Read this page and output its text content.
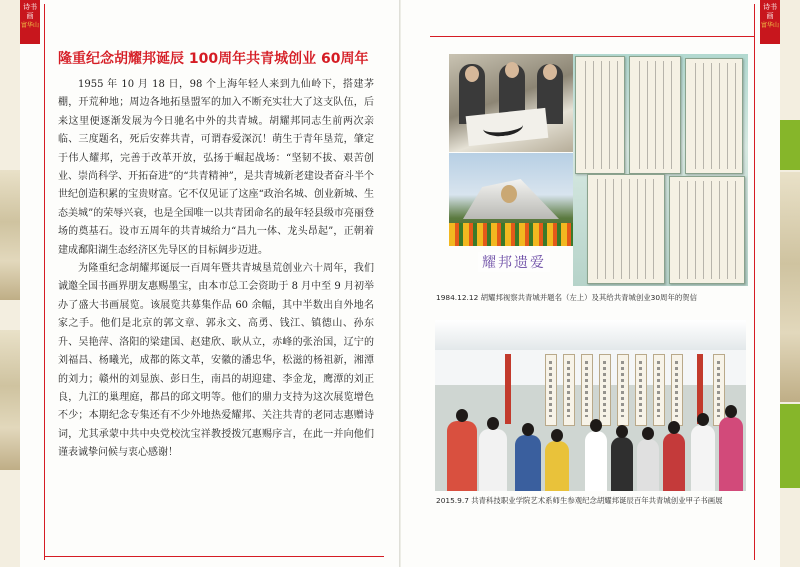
诗书画
富华山
隆重纪念胡耀邦诞辰 100周年共青城创业 60周年

1955 年 10 月 18 日，98 个上海年轻人来到九仙岭下，搭建茅棚，开荒种地；周边各地拓垦盟军的加入不断充实壮大了这支队伍，后来这里便逐渐发展为今日驰名中外的共青城。胡耀邦同志生前两次亲临、三度题名，死后安葬共青，可谓春爱深沉！萌生于青年垦荒，肇定于伟人耀邦，完善于改革开放，弘扬于崛起战场：“坚韧不拔、艰苦创业、崇尚科学、开拓奋进”的“共青精神”，是共青城新老建设者奋斗半个世纪创造积累的宝贵财富。它不仅见证了这座“政治名城、创业新城、生态美城”的荣辱兴衰，也是全国唯一以共青团命名的最年轻县级市亮丽登场的奠基石。设市五周年的共青城给力“昌九一体、龙头昂起”，正朝着建成鄱阳湖生态经济区先导区的目标阔步迈进。

为隆重纪念胡耀邦诞辰一百周年暨共青城垦荒创业六十周年，我们诚邀全国书画界朋友惠赐墨宝，由本市总工会资助于 8 月中至 9 月初举办了盛大书画展览。该展览共募集作品 60 余幅，其中半数出自外地名家之手。他们是北京的郭文章、郭永文、高勇、钱江、镇德山、孙东升、吴艳萍、洛阳的梁建国、赵建欣、耿从立，赤峰的张治国，辽宁的刘福昌、杨曦光，成都的陈文革，安徽的潘忠华，松滋的杨祖新，湘潭的刘力；赣州的刘显族、彭日生，南昌的胡迎建、李金龙，鹰潭的刘正良，九江的巢理庭，都昌的邱文明等。他们的鼎力支持为这次展览增色不少；本期纪念专集还有不少外地热爱耀邦、关注共青的老同志惠赠诗词，尤其承蒙中共中央党校沈宝祥教授拨冗惠赐序言，在此一并向他们谨表诚挚问候与衷心感谢！

诗书画
富华山
耀邦遗爱
1984.12.12 胡耀邦视察共青城并题名（左上）及其给共青城创业30周年的贺信
2015.9.7 共青科技职业学院艺术系师生参观纪念胡耀邦诞辰百年共青城创业甲子书画展
